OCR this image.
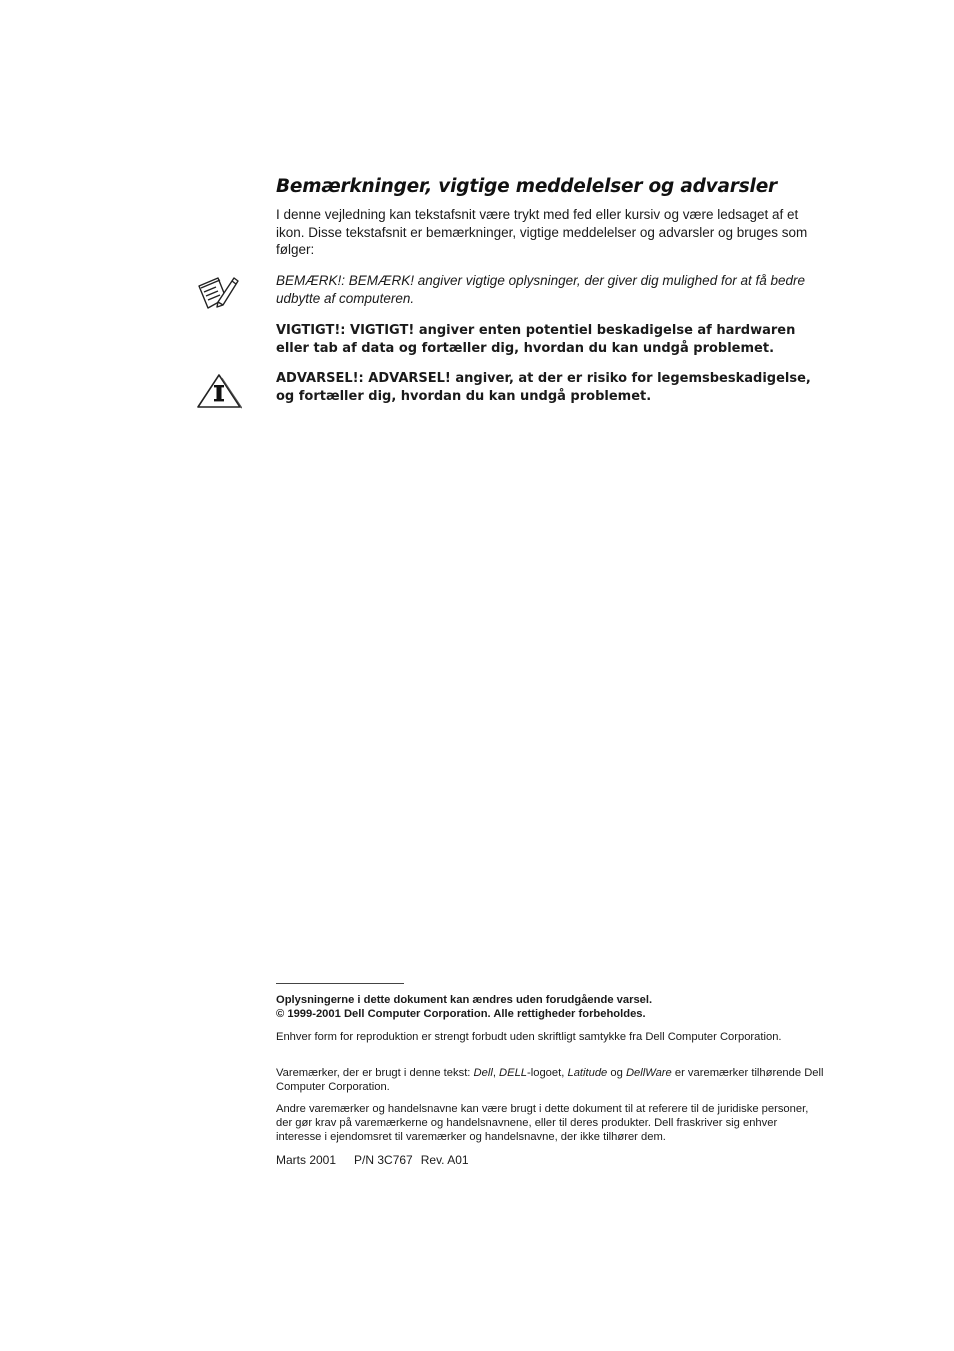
Bemærkninger, vigtige meddelelser og advarsler

I denne vejledning kan tekstafsnit være trykt med fed eller kursiv og være ledsaget af et ikon. Disse tekstafsnit er bemærkninger, vigtige meddelelser og advarsler og bruges som følger:

BEMÆRK!: BEMÆRK! angiver vigtige oplysninger, der giver dig mulighed for at få bedre udbytte af computeren.

VIGTIGT!: VIGTIGT! angiver enten potentiel beskadigelse af hardwaren eller tab af data og fortæller dig, hvordan du kan undgå problemet.

ADVARSEL!: ADVARSEL! angiver, at der er risiko for legemsbeskadigelse, og fortæller dig, hvordan du kan undgå problemet.

Oplysningerne i dette dokument kan ændres uden forudgående varsel.
© 1999-2001 Dell Computer Corporation. Alle rettigheder forbeholdes.

Enhver form for reproduktion er strengt forbudt uden skriftligt samtykke fra Dell Computer Corporation.

Varemærker, der er brugt i denne tekst: Dell, DELL-logoet, Latitude og DellWare er varemærker tilhørende Dell Computer Corporation.

Andre varemærker og handelsnavne kan være brugt i dette dokument til at referere til de juridiske personer, der gør krav på varemærkerne og handelsnavnene, eller til deres produkter. Dell fraskriver sig enhver interesse i ejendomsret til varemærker og handelsnavne, der ikke tilhører dem.

Marts 2001 P/N 3C767 Rev. A01
